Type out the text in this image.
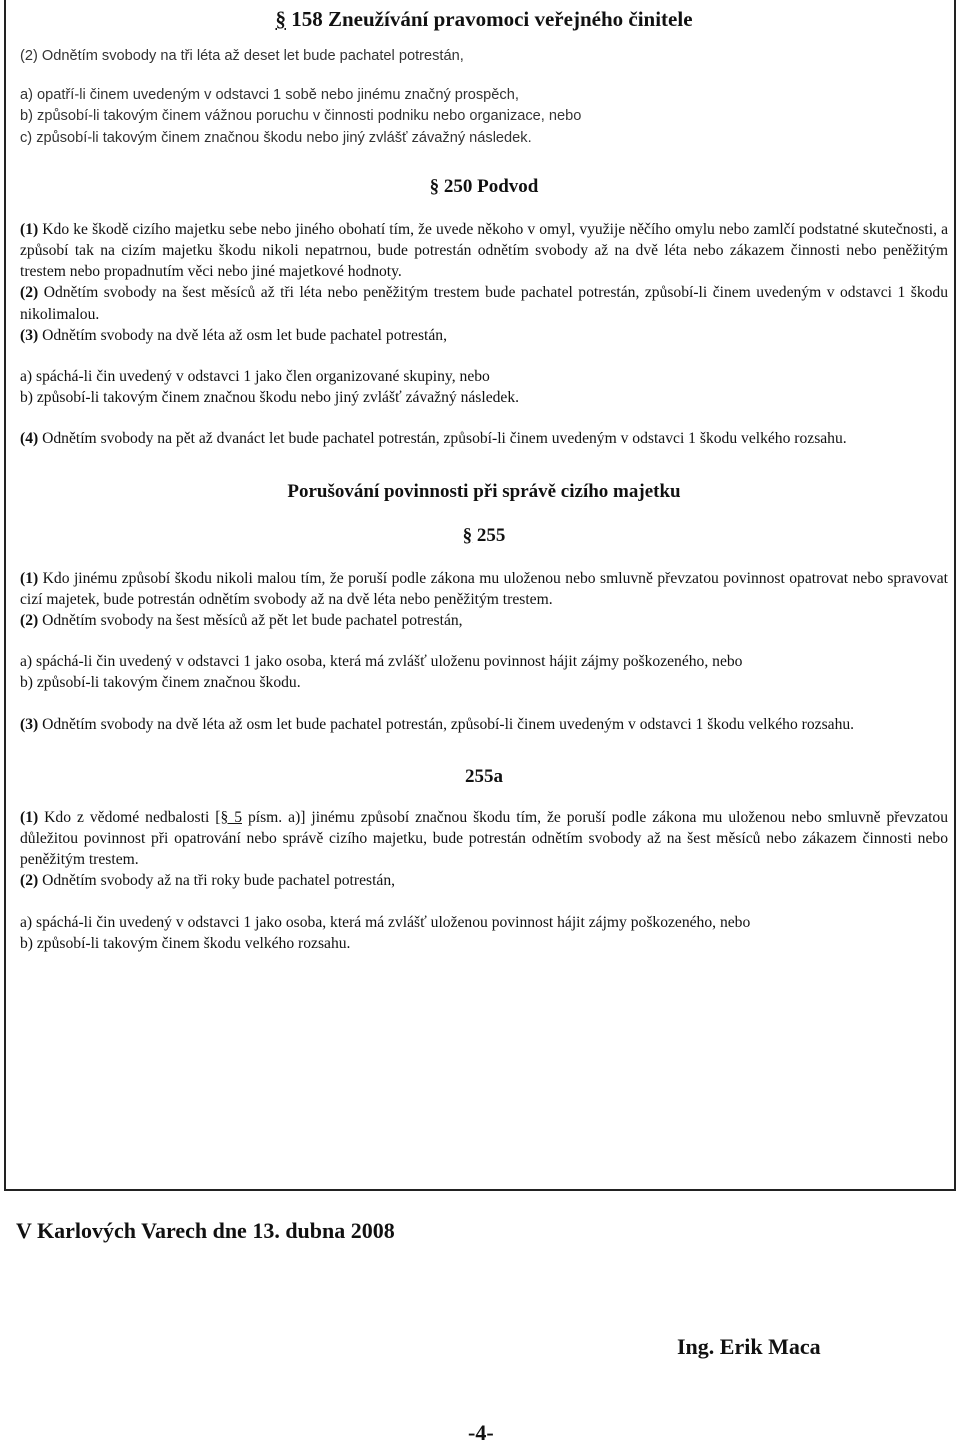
§ 158 Zneužívání pravomoci veřejného činitele

(2) Odnětím svobody na tři léta až deset let bude pachatel potrestán,

a) opatří-li činem uvedeným v odstavci 1 sobě nebo jinému značný prospěch,

b) způsobí-li takovým činem vážnou poruchu v činnosti podniku nebo organizace, nebo

c) způsobí-li takovým činem značnou škodu nebo jiný zvlášť závažný následek.

§ 250 Podvod

(1) Kdo ke škodě cizího majetku sebe nebo jiného obohatí tím, že uvede někoho v omyl, využije něčího omylu nebo zamlčí podstatné skutečnosti, a způsobí tak na cizím majetku škodu nikoli nepatrnou, bude potrestán odnětím svobody až na dvě léta nebo zákazem činnosti nebo peněžitým trestem nebo propadnutím věci nebo jiné majetkové hodnoty.

(2) Odnětím svobody na šest měsíců až tři léta nebo peněžitým trestem bude pachatel potrestán, způsobí-li činem uvedeným v odstavci 1 škodu nikolimalou.

(3) Odnětím svobody na dvě léta až osm let bude pachatel potrestán,

a) spáchá-li čin uvedený v odstavci 1 jako člen organizované skupiny, nebo

b) způsobí-li takovým činem značnou škodu nebo jiný zvlášť závažný následek.

(4) Odnětím svobody na pět až dvanáct let bude pachatel potrestán, způsobí-li činem uvedeným v odstavci 1 škodu velkého rozsahu.

Porušování povinnosti při správě cizího majetku
§ 255

(1) Kdo jinému způsobí škodu nikoli malou tím, že poruší podle zákona mu uloženou nebo smluvně převzatou povinnost opatrovat nebo spravovat cizí majetek, bude potrestán odnětím svobody až na dvě léta nebo peněžitým trestem.

(2) Odnětím svobody na šest měsíců až pět let bude pachatel potrestán,

a) spáchá-li čin uvedený v odstavci 1 jako osoba, která má zvlášť uloženu povinnost hájit zájmy poškozeného, nebo

b) způsobí-li takovým činem značnou škodu.

(3) Odnětím svobody na dvě léta až osm let bude pachatel potrestán, způsobí-li činem uvedeným v odstavci 1 škodu velkého rozsahu.

255a

(1) Kdo z vědomé nedbalosti [§ 5 písm. a)] jinému způsobí značnou škodu tím, že poruší podle zákona mu uloženou nebo smluvně převzatou důležitou povinnost při opatrování nebo správě cizího majetku, bude potrestán odnětím svobody až na šest měsíců nebo zákazem činnosti nebo peněžitým trestem.

(2) Odnětím svobody až na tři roky bude pachatel potrestán,

a) spáchá-li čin uvedený v odstavci 1 jako osoba, která má zvlášť uloženou povinnost hájit zájmy poškozeného, nebo

b) způsobí-li takovým činem škodu velkého rozsahu.

V Karlových Varech dne 13. dubna 2008
Ing. Erik Maca
-4-
